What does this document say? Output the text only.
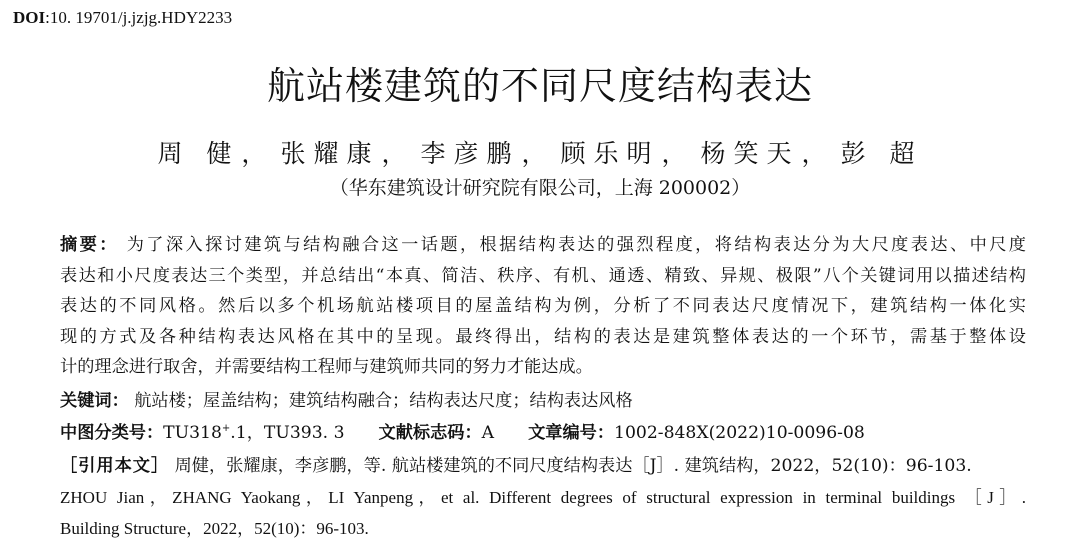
DOI:10. 19701/j.jzjg.HDY2233
航站楼建筑的不同尺度结构表达
周 健， 张耀康， 李彦鹏， 顾乐明， 杨笑天， 彭 超
（华东建筑设计研究院有限公司，上海 200002）
摘要： 为了深入探讨建筑与结构融合这一话题，根据结构表达的强烈程度，将结构表达分为大尺度表达、中尺度
表达和小尺度表达三个类型，并总结出“本真、简洁、秩序、有机、通透、精致、异规、极限”八个关键词用以描述结构
表达的不同风格。然后以多个机场航站楼项目的屋盖结构为例，分析了不同表达尺度情况下，建筑结构一体化实
现的方式及各种结构表达风格在其中的呈现。最终得出，结构的表达是建筑整体表达的一个环节，需基于整体设
计的理念进行取舍，并需要结构工程师与建筑师共同的努力才能达成。
关键词： 航站楼；屋盖结构；建筑结构融合；结构表达尺度；结构表达风格
中图分类号：TU318+.1，TU393. 3 文献标志码：A 文章编号：1002-848X(2022)10-0096-08
［引用本文］ 周健，张耀康，李彦鹏，等. 航站楼建筑的不同尺度结构表达［J］. 建筑结构，2022，52(10)：96-103.
ZHOU Jian，ZHANG Yaokang，LI Yanpeng，et al. Different degrees of structural expression in terminal buildings ［J］.
Building Structure，2022，52(10)：96-103.
